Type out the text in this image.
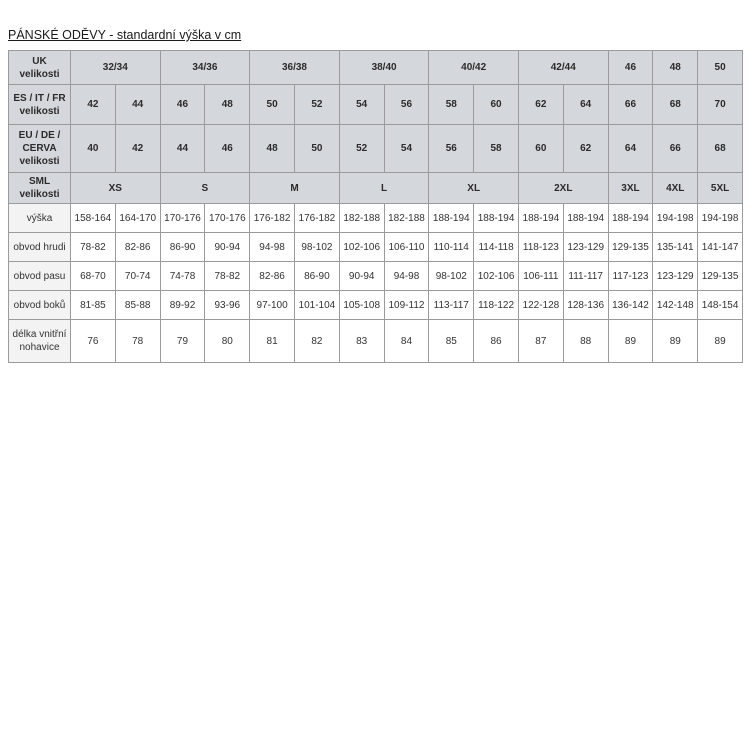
PÁNSKÉ ODĚVY - standardní výška v cm
UK velikosti	32/34		34/36		36/38		38/40		40/42		42/44		46	48	50
ES / IT / FR velikosti	42	44	46	48	50	52	54	56	58	60	62	64	66	68	70
EU / DE / CERVA velikosti	40	42	44	46	48	50	52	54	56	58	60	62	64	66	68
SML velikosti	XS		S		M		L		XL		2XL		3XL	4XL	5XL
výška	158-164	164-170	170-176	170-176	176-182	176-182	182-188	182-188	188-194	188-194	188-194	188-194	188-194	194-198	194-198
obvod hrudi	78-82	82-86	86-90	90-94	94-98	98-102	102-106	106-110	110-114	114-118	118-123	123-129	129-135	135-141	141-147
obvod pasu	68-70	70-74	74-78	78-82	82-86	86-90	90-94	94-98	98-102	102-106	106-111	111-117	117-123	123-129	129-135
obvod boků	81-85	85-88	89-92	93-96	97-100	101-104	105-108	109-112	113-117	118-122	122-128	128-136	136-142	142-148	148-154
délka vnitřní nohavice	76	78	79	80	81	82	83	84	85	86	87	88	89	89	89
